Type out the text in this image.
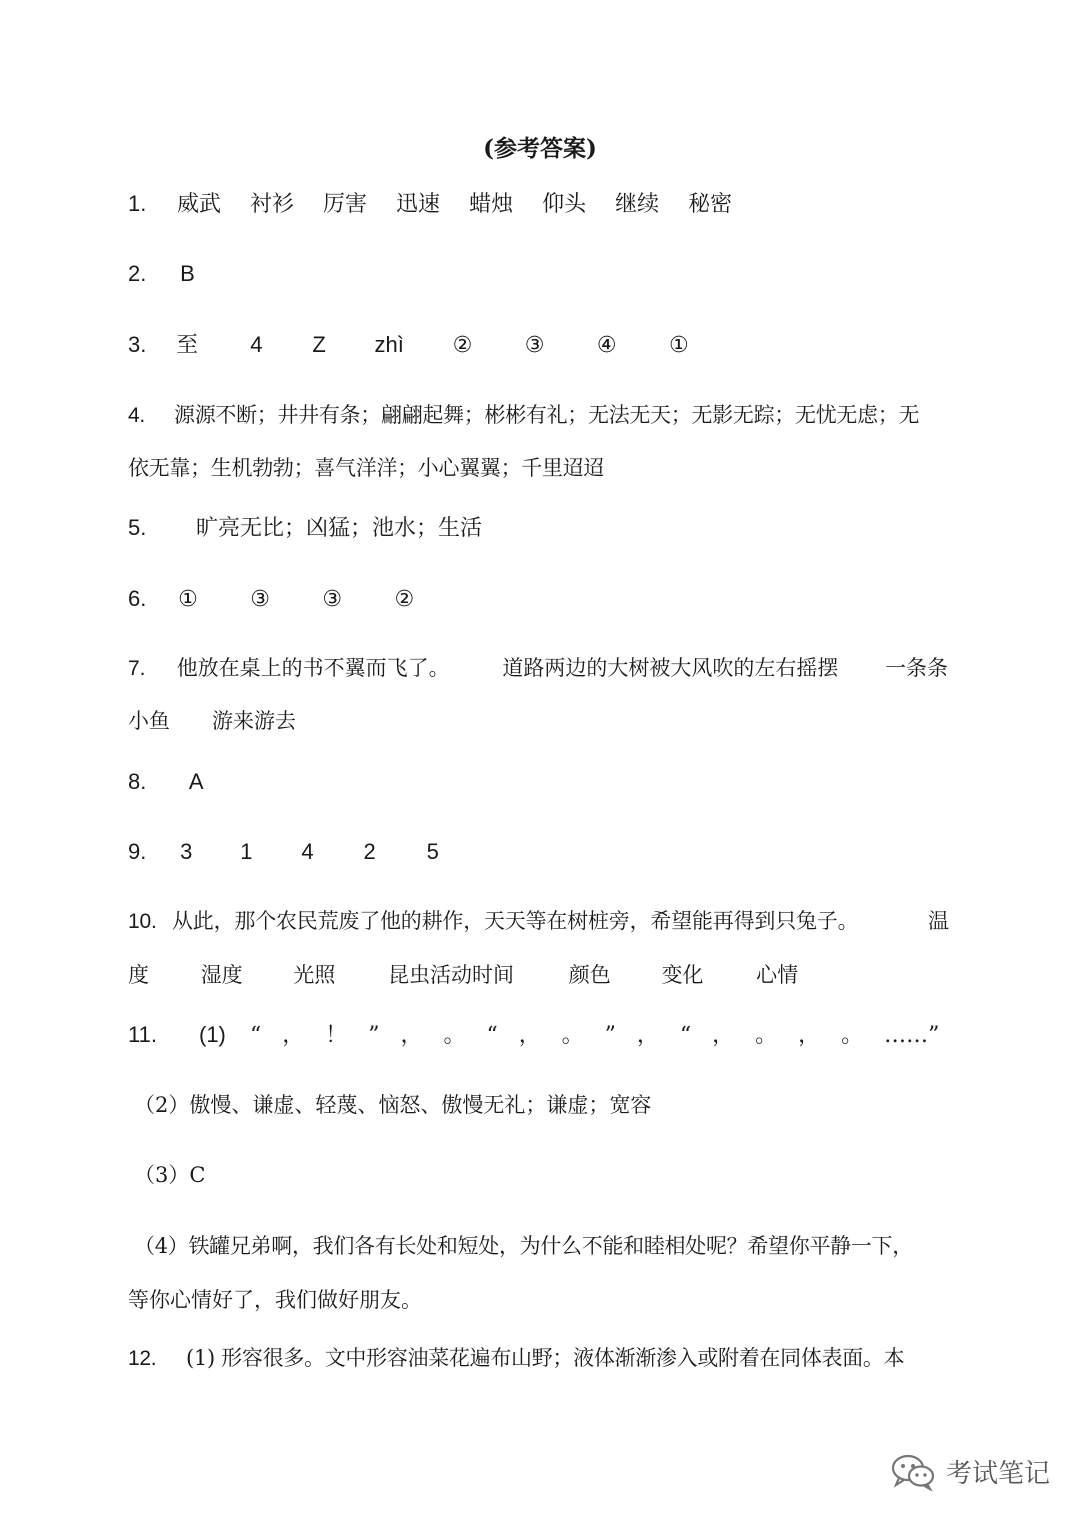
(参考答案)
1. 威武 衬衫 厉害 迅速 蜡烛 仰头 继续 秘密
2. B
3. 至 4 Z zhì ② ③ ④ ①
4. 源源不断；井井有条；翩翩起舞；彬彬有礼；无法无天；无影无踪；无忧无虑；无
依无靠；生机勃勃；喜气洋洋；小心翼翼；千里迢迢
5. 旷亮无比；凶猛；池水；生活
6. ① ③ ③ ②
7. 他放在桌上的书不翼而飞了。	道路两边的大树被大风吹的左右摇摆 一条条
小鱼 游来游去
8. A
9. 3 1 4 2 5
10. 从此，那个农民荒废了他的耕作，天天等在树桩旁，希望能再得到只兔子。	温
度 湿度 光照	昆虫活动时间	颜色 变化	心情
11. (1) “ ， ！ ” ， 。 “ ， 。 ” ， “ ， 。 ， 。 ……”
（2）傲慢、谦虚、轻蔑、恼怒、傲慢无礼；谦虚；宽容
（3）C
（4）铁罐兄弟啊，我们各有长处和短处，为什么不能和睦相处呢？希望你平静一下，
等你心情好了，我们做好朋友。
12. (1) 形容很多。文中形容油菜花遍布山野；液体渐渐渗入或附着在同体表面。本
考试笔记
